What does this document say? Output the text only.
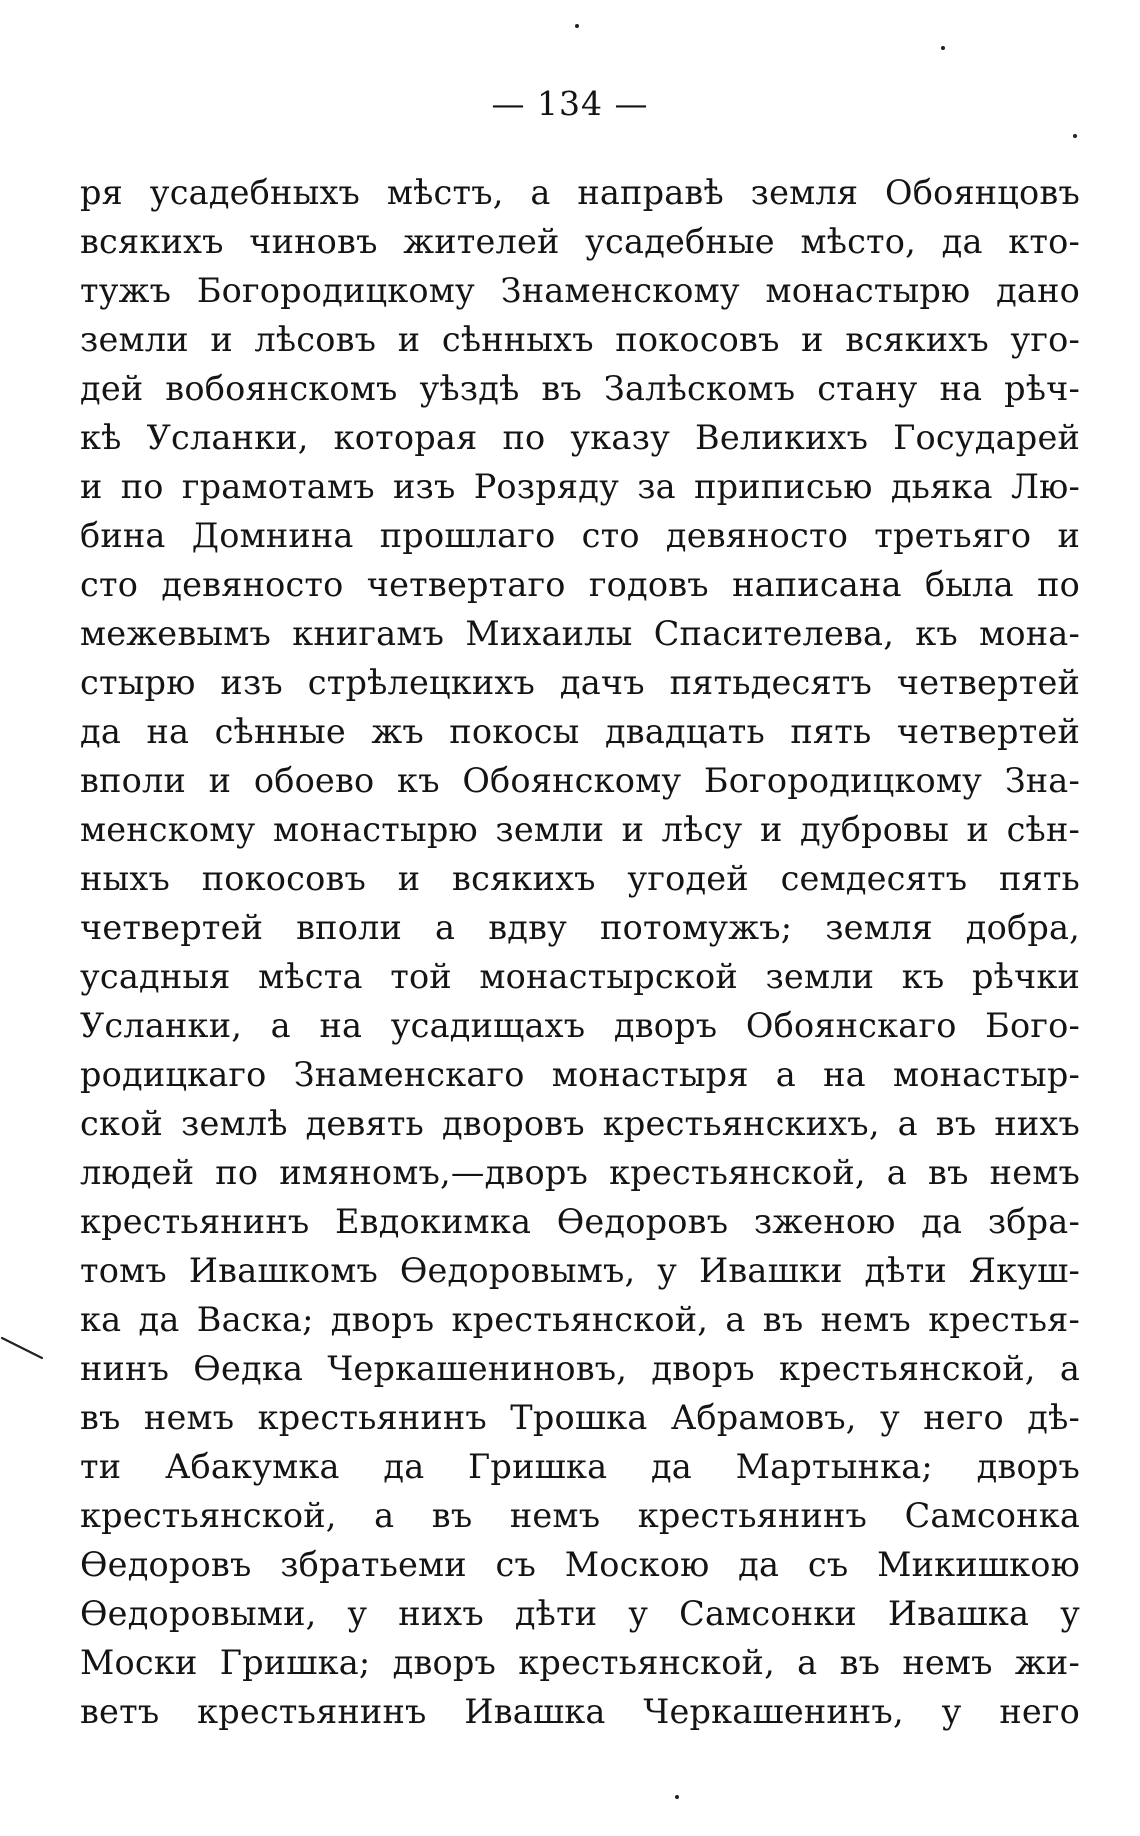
— 134 —
ря усадебныхъ мѣстъ, а направѣ земля Обоянцовъ
всякихъ чиновъ жителей усадебные мѣсто, да кто-
тужъ Богородицкому Знаменскому монастырю дано
земли и лѣсовъ и сѣнныхъ покосовъ и всякихъ уго-
дей вобоянскомъ уѣздѣ въ Залѣскомъ стану на рѣч-
кѣ Усланки, которая по указу Великихъ Государей
и по грамотамъ изъ Розряду за приписью дьяка Лю-
бина Домнина прошлаго сто девяносто третьяго и
сто девяносто четвертаго годовъ написана была по
межевымъ книгамъ Михаилы Спасителева, къ мона-
стырю изъ стрѣлецкихъ дачъ пятьдесятъ четвертей
да на сѣнные жъ покосы двадцать пять четвертей
вполи и обоево къ Обоянскому Богородицкому Зна-
менскому монастырю земли и лѣсу и дубровы и сѣн-
ныхъ покосовъ и всякихъ угодей семдесятъ пять
четвертей вполи а вдву потомужъ; земля добра,
усадныя мѣста той монастырской земли къ рѣчки
Усланки, а на усадищахъ дворъ Обоянскаго Бого-
родицкаго Знаменскаго монастыря а на монастыр-
ской землѣ девять дворовъ крестьянскихъ, а въ нихъ
людей по имяномъ,—дворъ крестьянской, а въ немъ
крестьянинъ Евдокимка Өедоровъ зженою да збра-
томъ Ивашкомъ Өедоровымъ, у Ивашки дѣти Якуш-
ка да Васка; дворъ крестьянской, а въ немъ крестья-
нинъ Өедка Черкашениновъ, дворъ крестьянской, а
въ немъ крестьянинъ Трошка Абрамовъ, у него дѣ-
ти Абакумка да Гришка да Мартынка; дворъ
крестьянской, а въ немъ крестьянинъ Самсонка
Өедоровъ збратьеми съ Москою да съ Микишкою
Өедоровыми, у нихъ дѣти у Самсонки Ивашка у
Моски Гришка; дворъ крестьянской, а въ немъ жи-
ветъ крестьянинъ Ивашка Черкашенинъ, у него
